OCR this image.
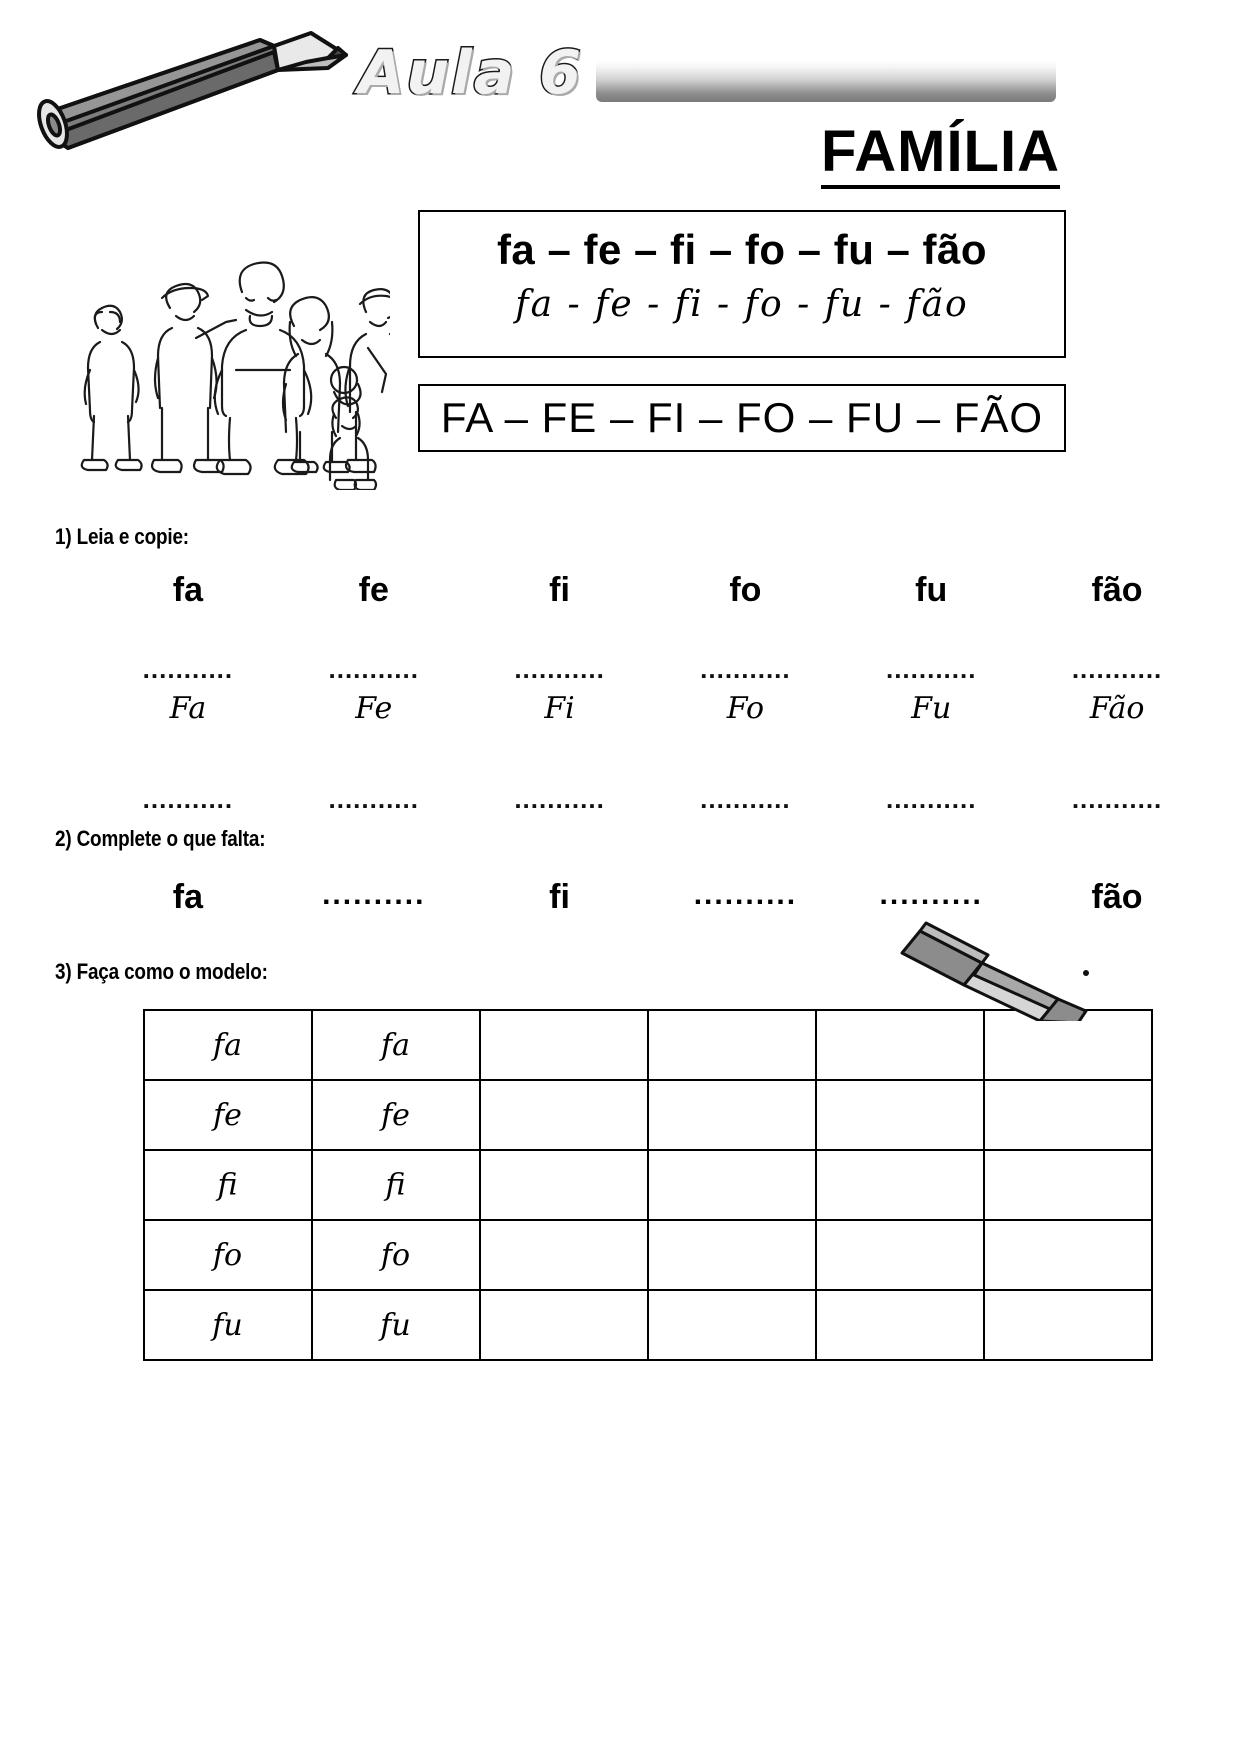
Aula 6
FAMÍLIA
fa – fe – fi – fo – fu – fão
fa - fe - fi - fo - fu - fão
FA – FE – FI – FO – FU – FÃO
1) Leia e copie:
fa	fe	fi	fo	fu	fão
...........	...........	...........	...........	...........	...........
Fa	Fe	Fi	Fo	Fu	Fão
...........	...........	...........	...........	...........	...........
2) Complete o que falta:
fa	..........	fi	..........	..........	fão
3) Faça como o modelo:
fa	fa				
fe	fe				
fi	fi				
fo	fo				
fu	fu				
